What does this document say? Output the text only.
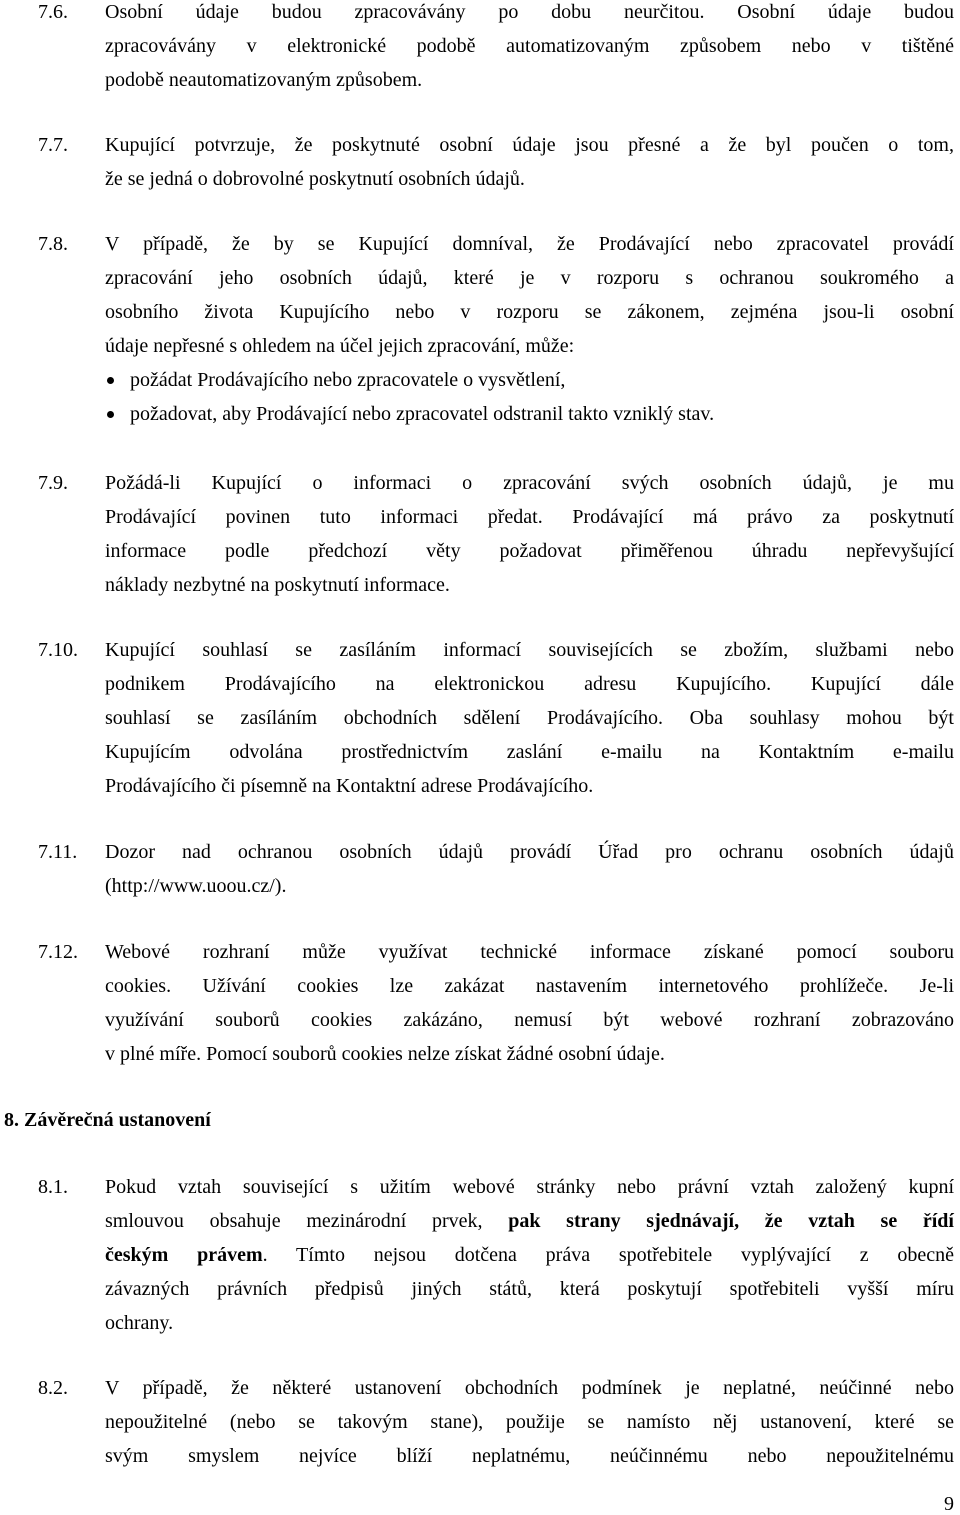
7.6. Osobní údaje budou zpracovávány po dobu neurčitou. Osobní údaje budou
zpracovávány v elektronické podobě automatizovaným způsobem nebo v tištěné
podobě neautomatizovaným způsobem.
7.7. Kupující potvrzuje, že poskytnuté osobní údaje jsou přesné a že byl poučen o tom,
že se jedná o dobrovolné poskytnutí osobních údajů.
7.8. V případě, že by se Kupující domníval, že Prodávající nebo zpracovatel provádí
zpracování jeho osobních údajů, které je v rozporu s ochranou soukromého a
osobního života Kupujícího nebo v rozporu se zákonem, zejména jsou-li osobní
údaje nepřesné s ohledem na účel jejich zpracování, může:
požádat Prodávajícího nebo zpracovatele o vysvětlení,
požadovat, aby Prodávající nebo zpracovatel odstranil takto vzniklý stav.
7.9. Požádá-li Kupující o informaci o zpracování svých osobních údajů, je mu
Prodávající povinen tuto informaci předat. Prodávající má právo za poskytnutí
informace podle předchozí věty požadovat přiměřenou úhradu nepřevyšující
náklady nezbytné na poskytnutí informace.
7.10. Kupující souhlasí se zasíláním informací souvisejících se zbožím, službami nebo
podnikem Prodávajícího na elektronickou adresu Kupujícího. Kupující dále
souhlasí se zasíláním obchodních sdělení Prodávajícího. Oba souhlasy mohou být
Kupujícím odvolána prostřednictvím zaslání e-mailu na Kontaktním e-mailu
Prodávajícího či písemně na Kontaktní adrese Prodávajícího.
7.11. Dozor nad ochranou osobních údajů provádí Úřad pro ochranu osobních údajů
(http://www.uoou.cz/).
7.12. Webové rozhraní může využívat technické informace získané pomocí souboru
cookies. Užívání cookies lze zakázat nastavením internetového prohlížeče. Je-li
využívání souborů cookies zakázáno, nemusí být webové rozhraní zobrazováno
v plné míře. Pomocí souborů cookies nelze získat žádné osobní údaje.
8. Závěrečná ustanovení
8.1. Pokud vztah související s užitím webové stránky nebo právní vztah založený kupní
smlouvou obsahuje mezinárodní prvek, pak strany sjednávají, že vztah se řídí
českým právem. Tímto nejsou dotčena práva spotřebitele vyplývající z obecně
závazných právních předpisů jiných států, která poskytují spotřebiteli vyšší míru
ochrany.
8.2. V případě, že některé ustanovení obchodních podmínek je neplatné, neúčinné nebo
nepoužitelné (nebo se takovým stane), použije se namísto něj ustanovení, které se
svým smyslem nejvíce blíží neplatnému, neúčinnému nebo nepoužitelnému
9
